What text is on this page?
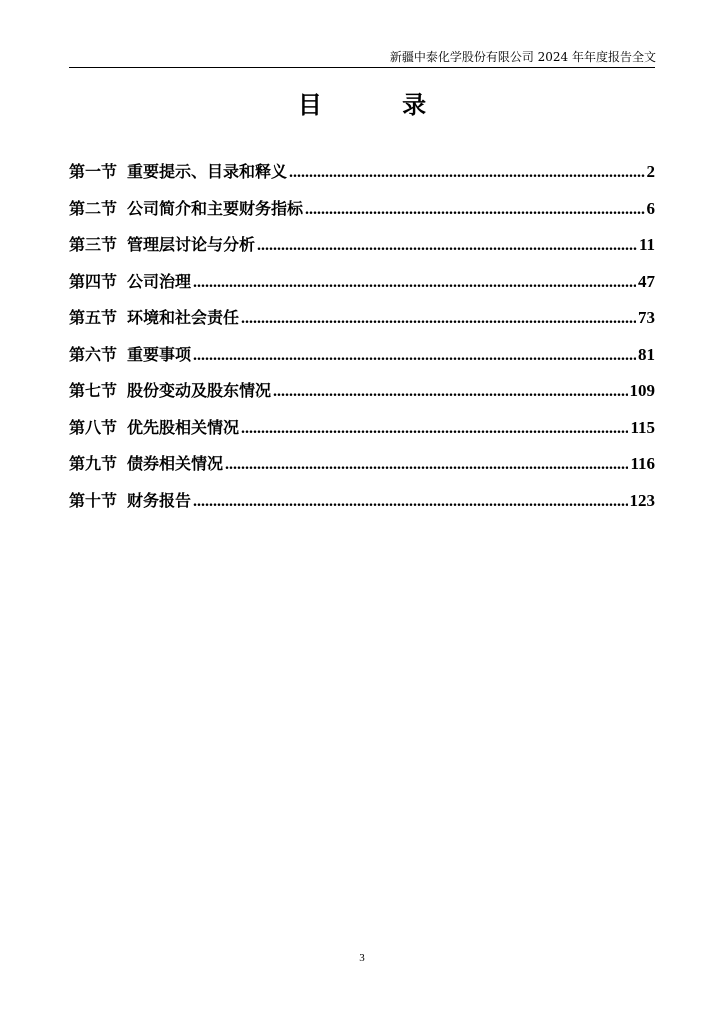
新疆中泰化学股份有限公司 2024 年年度报告全文
目 录
第一节 重要提示、目录和释义 .....	2
第二节 公司简介和主要财务指标 .....	6
第三节 管理层讨论与分析 .....	11
第四节 公司治理 .....	47
第五节 环境和社会责任 .....	73
第六节 重要事项 .....	81
第七节 股份变动及股东情况 .....	109
第八节 优先股相关情况 .....	115
第九节 债券相关情况 .....	116
第十节 财务报告 .....	123
3
